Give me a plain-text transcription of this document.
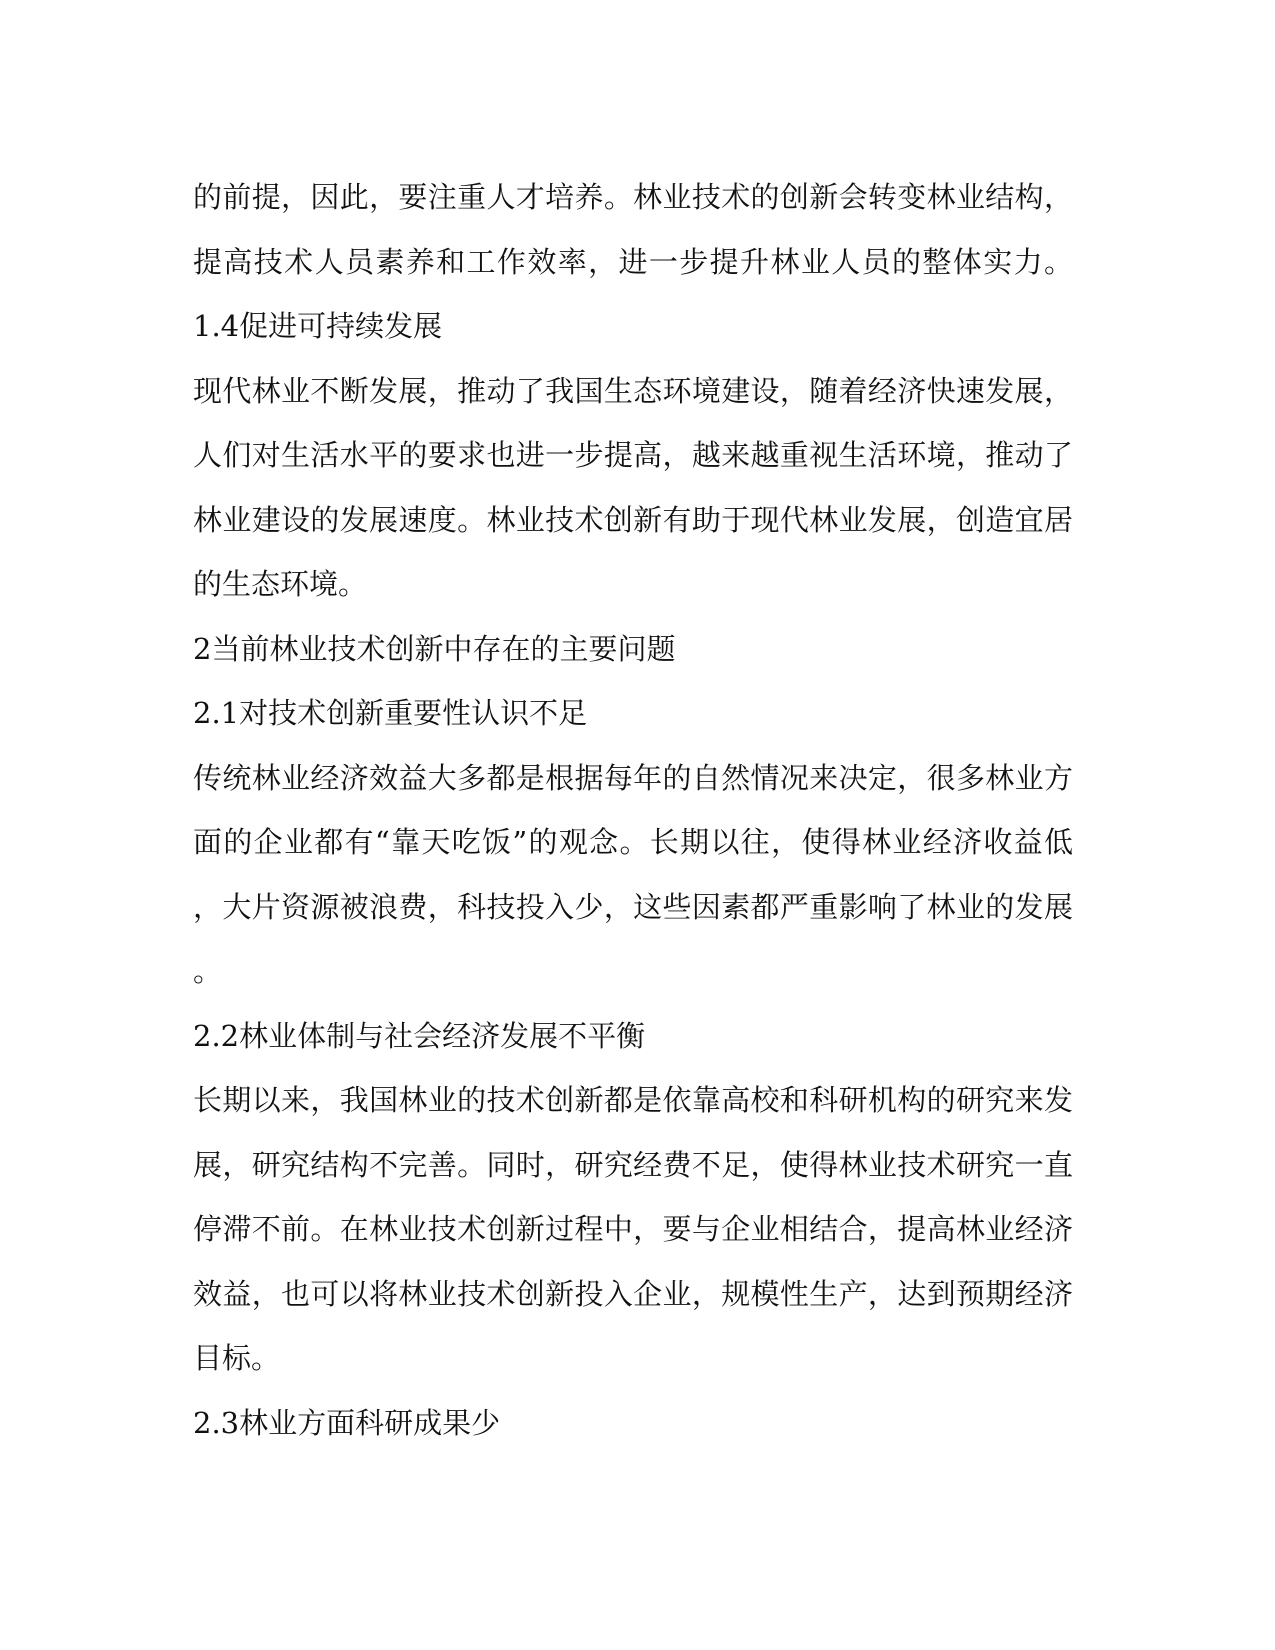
的前提，因此，要注重人才培养。林业技术的创新会转变林业结构，
提高技术人员素养和工作效率，进一步提升林业人员的整体实力。
1.4促进可持续发展
现代林业不断发展，推动了我国生态环境建设，随着经济快速发展，
人们对生活水平的要求也进一步提高，越来越重视生活环境，推动了
林业建设的发展速度。林业技术创新有助于现代林业发展，创造宜居
的生态环境。
2当前林业技术创新中存在的主要问题
2.1对技术创新重要性认识不足
传统林业经济效益大多都是根据每年的自然情况来决定，很多林业方
面的企业都有“靠天吃饭”的观念。长期以往，使得林业经济收益低
，大片资源被浪费，科技投入少，这些因素都严重影响了林业的发展
。
2.2林业体制与社会经济发展不平衡
长期以来，我国林业的技术创新都是依靠高校和科研机构的研究来发
展，研究结构不完善。同时，研究经费不足，使得林业技术研究一直
停滞不前。在林业技术创新过程中，要与企业相结合，提高林业经济
效益，也可以将林业技术创新投入企业，规模性生产，达到预期经济
目标。
2.3林业方面科研成果少
